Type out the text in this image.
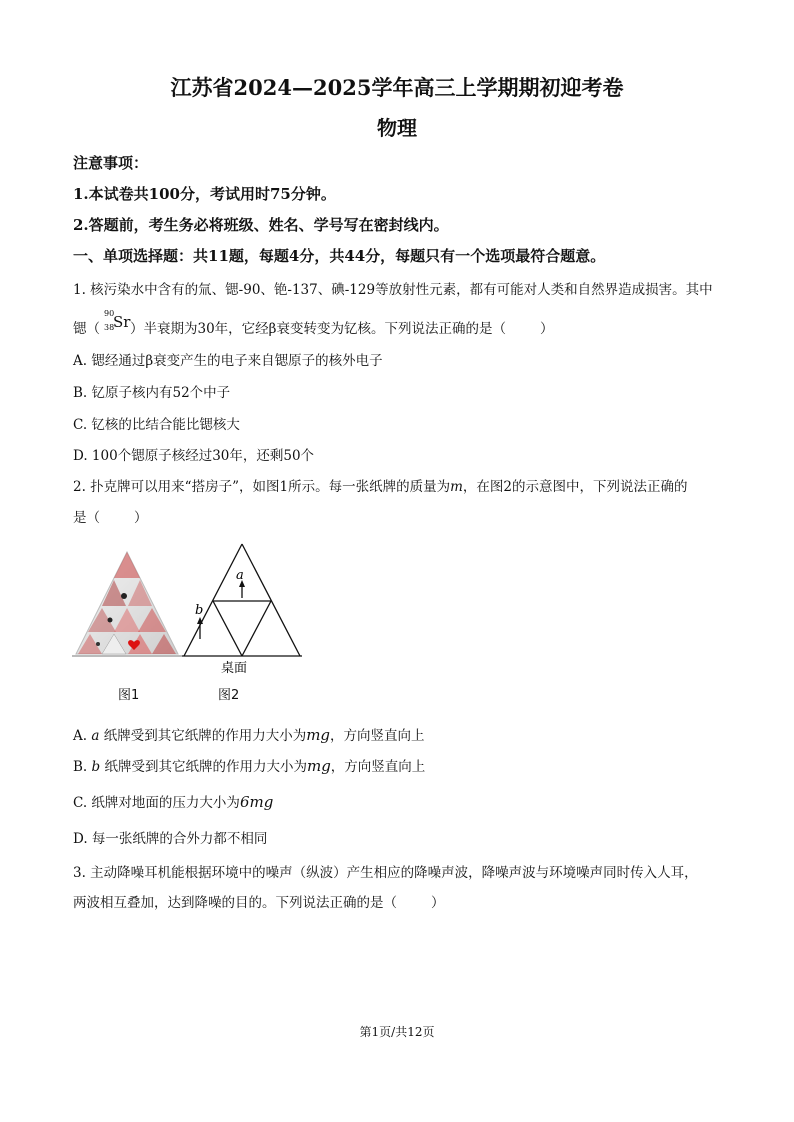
江苏省2024—2025学年高三上学期期初迎考卷
物理
注意事项：
1.本试卷共100分，考试用时75分钟。
2.答题前，考生务必将班级、姓名、学号写在密封线内。
一、单项选择题：共11题，每题4分，共44分，每题只有一个选项最符合题意。
1. 核污染水中含有的氚、锶-90、铯-137、碘-129等放射性元素，都有可能对人类和自然界造成损害。其中
锶（
90
38
Sr ）半衰期为30年，它经β衰变转变为钇核。下列说法正确的是（	）
A. 锶经通过β衰变产生的电子来自锶原子的核外电子
B. 钇原子核内有52个中子
C. 钇核的比结合能比锶核大
D. 100个锶原子核经过30年，还剩50个
2. 扑克牌可以用来“搭房子”，如图1所示。每一张纸牌的质量为m，在图2的示意图中，下列说法正确的
是（	）
图1
a
b
桌面
图2
A. a 纸牌受到其它纸牌的作用力大小为mg，方向竖直向上
B. b 纸牌受到其它纸牌的作用力大小为mg，方向竖直向上
C. 纸牌对地面的压力大小为6mg
D. 每一张纸牌的合外力都不相同
3. 主动降噪耳机能根据环境中的噪声（纵波）产生相应的降噪声波，降噪声波与环境噪声同时传入人耳，
两波相互叠加，达到降噪的目的。下列说法正确的是（	）
第1页/共12页
